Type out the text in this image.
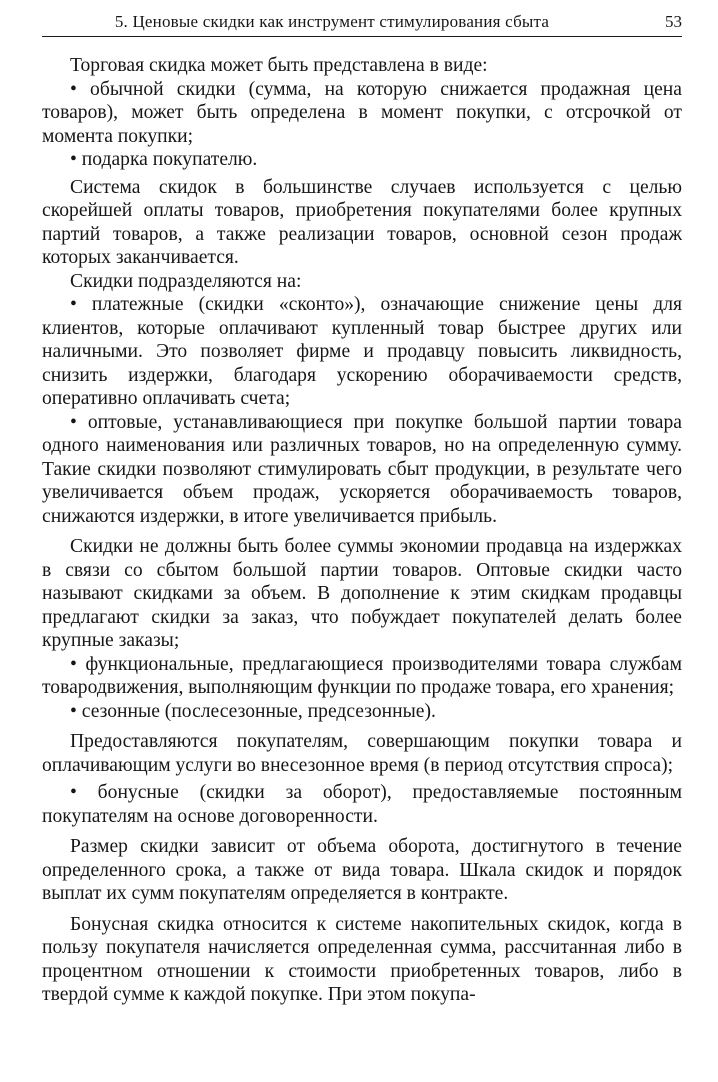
5. Ценовые скидки как инструмент стимулирования сбыта	53

Торговая скидка может быть представлена в виде:

• обычной скидки (сумма, на которую снижается продажная цена товаров), может быть определена в момент покупки, с отсрочкой от момента покупки;

• подарка покупателю.

Система скидок в большинстве случаев используется с целью скорейшей оплаты товаров, приобретения покупателями более крупных партий товаров, а также реализации товаров, основной сезон продаж которых заканчивается.

Скидки подразделяются на:

• платежные (скидки «сконто»), означающие снижение цены для клиентов, которые оплачивают купленный товар быстрее других или наличными. Это позволяет фирме и продавцу повысить ликвидность, снизить издержки, благодаря ускорению оборачиваемости средств, оперативно оплачивать счета;

• оптовые, устанавливающиеся при покупке большой партии товара одного наименования или различных товаров, но на определенную сумму. Такие скидки позволяют стимулировать сбыт продукции, в результате чего увеличивается объем продаж, ускоряется оборачиваемость товаров, снижаются издержки, в итоге увеличивается прибыль.

Скидки не должны быть более суммы экономии продавца на издержках в связи со сбытом большой партии товаров. Оптовые скидки часто называют скидками за объем. В дополнение к этим скидкам продавцы предлагают скидки за заказ, что побуждает покупателей делать более крупные заказы;

• функциональные, предлагающиеся производителями товара службам товародвижения, выполняющим функции по продаже товара, его хранения;

• сезонные (послесезонные, предсезонные).

Предоставляются покупателям, совершающим покупки товара и оплачивающим услуги во внесезонное время (в период отсутствия спроса);

• бонусные (скидки за оборот), предоставляемые постоянным покупателям на основе договоренности.

Размер скидки зависит от объема оборота, достигнутого в течение определенного срока, а также от вида товара. Шкала скидок и порядок выплат их сумм покупателям определяется в контракте.

Бонусная скидка относится к системе накопительных скидок, когда в пользу покупателя начисляется определенная сумма, рассчитанная либо в процентном отношении к стоимости приобретенных товаров, либо в твердой сумме к каждой покупке. При этом покупа-
